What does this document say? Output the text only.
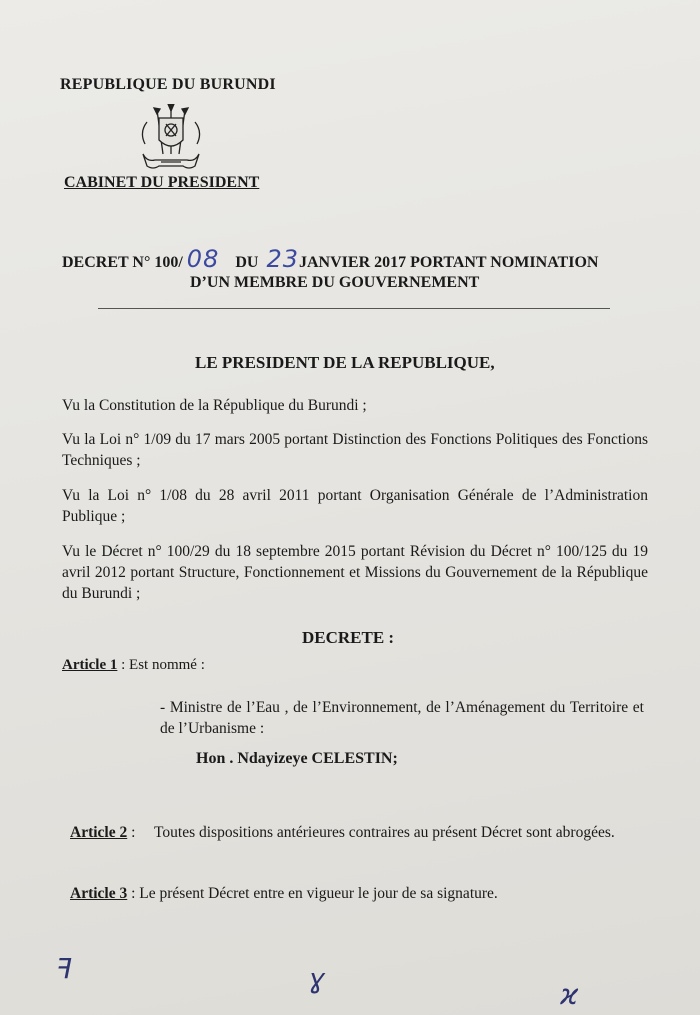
REPUBLIQUE DU BURUNDI
CABINET DU PRESIDENT
DECRET N° 100/ 08 DU 23JANVIER 2017 PORTANT NOMINATION
D’UN MEMBRE DU GOUVERNEMENT
LE PRESIDENT DE LA REPUBLIQUE,
Vu la Constitution de la République du Burundi ;
Vu la Loi n° 1/09 du 17 mars 2005 portant Distinction des Fonctions Politiques des Fonctions Techniques ;
Vu la Loi n° 1/08 du 28 avril 2011 portant Organisation Générale de l’Administration Publique ;
Vu le Décret n° 100/29 du 18 septembre 2015 portant Révision du Décret n° 100/125 du 19 avril 2012 portant Structure, Fonctionnement et Missions du Gouvernement de la République du Burundi ;
DECRETE :
Article 1 : Est nommé :
- Ministre de l’Eau , de l’Environnement, de l’Aménagement du Territoire et de l’Urbanisme :
Hon . Ndayizeye CELESTIN;
Article 2 : Toutes dispositions antérieures contraires au présent Décret sont abrogées.
Article 3 : Le présent Décret entre en vigueur le jour de sa signature.
ꟻ	ɣ	ϰ
